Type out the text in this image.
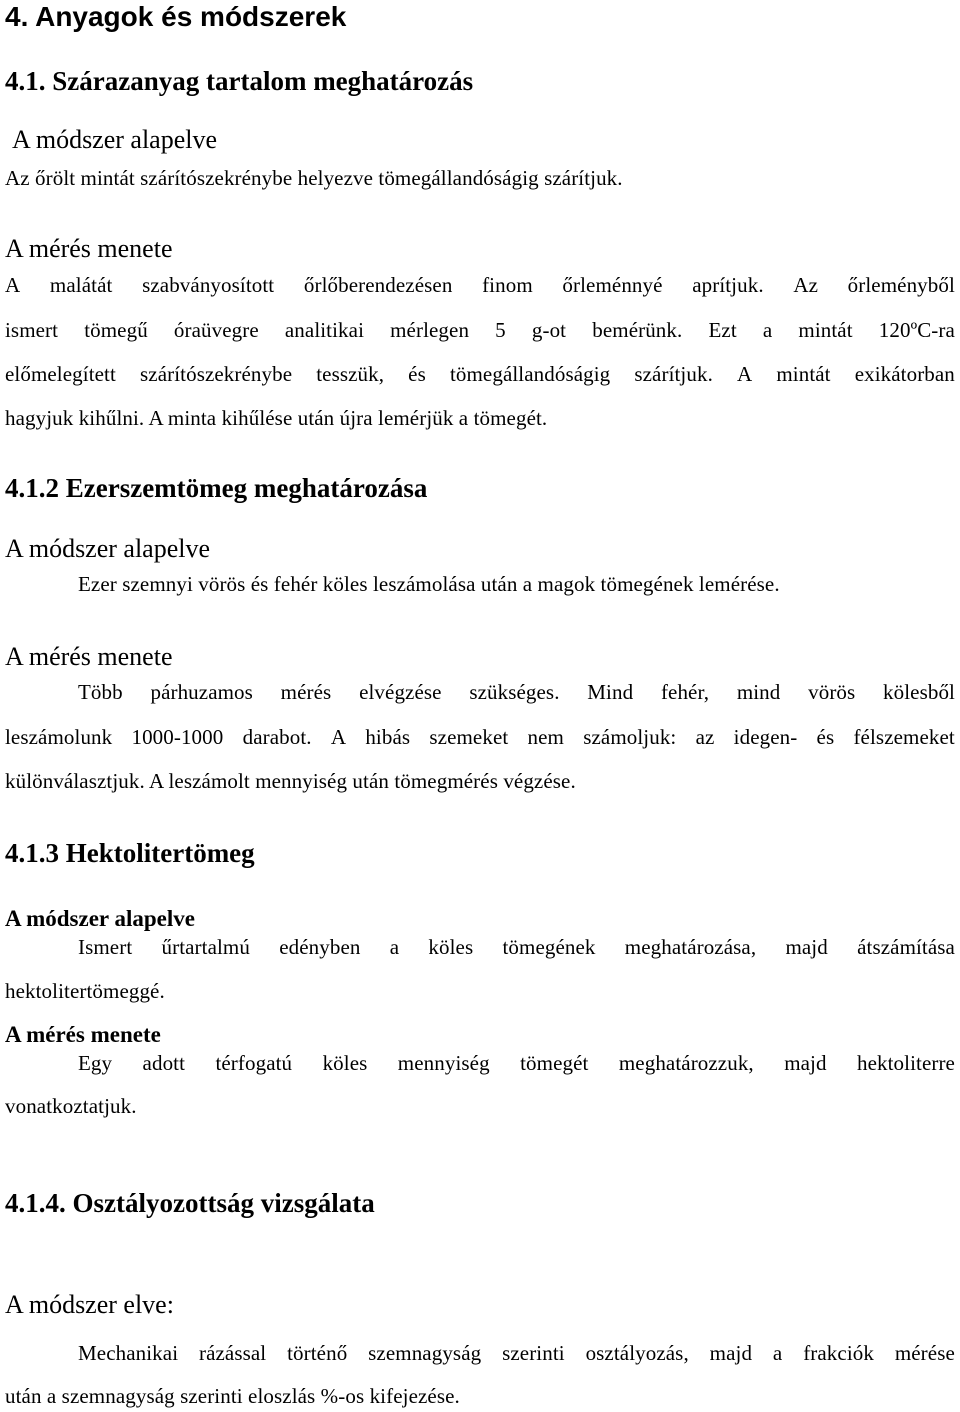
4. Anyagok és módszerek
4.1. Szárazanyag tartalom meghatározás
A módszer alapelve
Az őrölt mintát szárítószekrénybe helyezve tömegállandóságig szárítjuk.
A mérés menete
A malátát szabványosított őrlőberendezésen finom őrleménnyé aprítjuk. Az őrleményből
ismert tömegű óraüvegre analitikai mérlegen 5 g-ot bemérünk. Ezt a mintát 120ºC-ra
előmelegített szárítószekrénybe tesszük, és tömegállandóságig szárítjuk. A mintát exikátorban
hagyjuk kihűlni. A minta kihűlése után újra lemérjük a tömegét.
4.1.2 Ezerszemtömeg meghatározása
A módszer alapelve
Ezer szemnyi vörös és fehér köles leszámolása után a magok tömegének lemérése.
A mérés menete
Több párhuzamos mérés elvégzése szükséges. Mind fehér, mind vörös kölesből
leszámolunk 1000-1000 darabot. A hibás szemeket nem számoljuk: az idegen- és félszemeket
különválasztjuk. A leszámolt mennyiség után tömegmérés végzése.
4.1.3 Hektolitertömeg
A módszer alapelve
Ismert űrtartalmú edényben a köles tömegének meghatározása, majd átszámítása
hektolitertömeggé.
A mérés menete
Egy adott térfogatú köles mennyiség tömegét meghatározzuk, majd hektoliterre
vonatkoztatjuk.
4.1.4. Osztályozottság vizsgálata
A módszer elve:
Mechanikai rázással történő szemnagyság szerinti osztályozás, majd a frakciók mérése
után a szemnagyság szerinti eloszlás %-os kifejezése.
